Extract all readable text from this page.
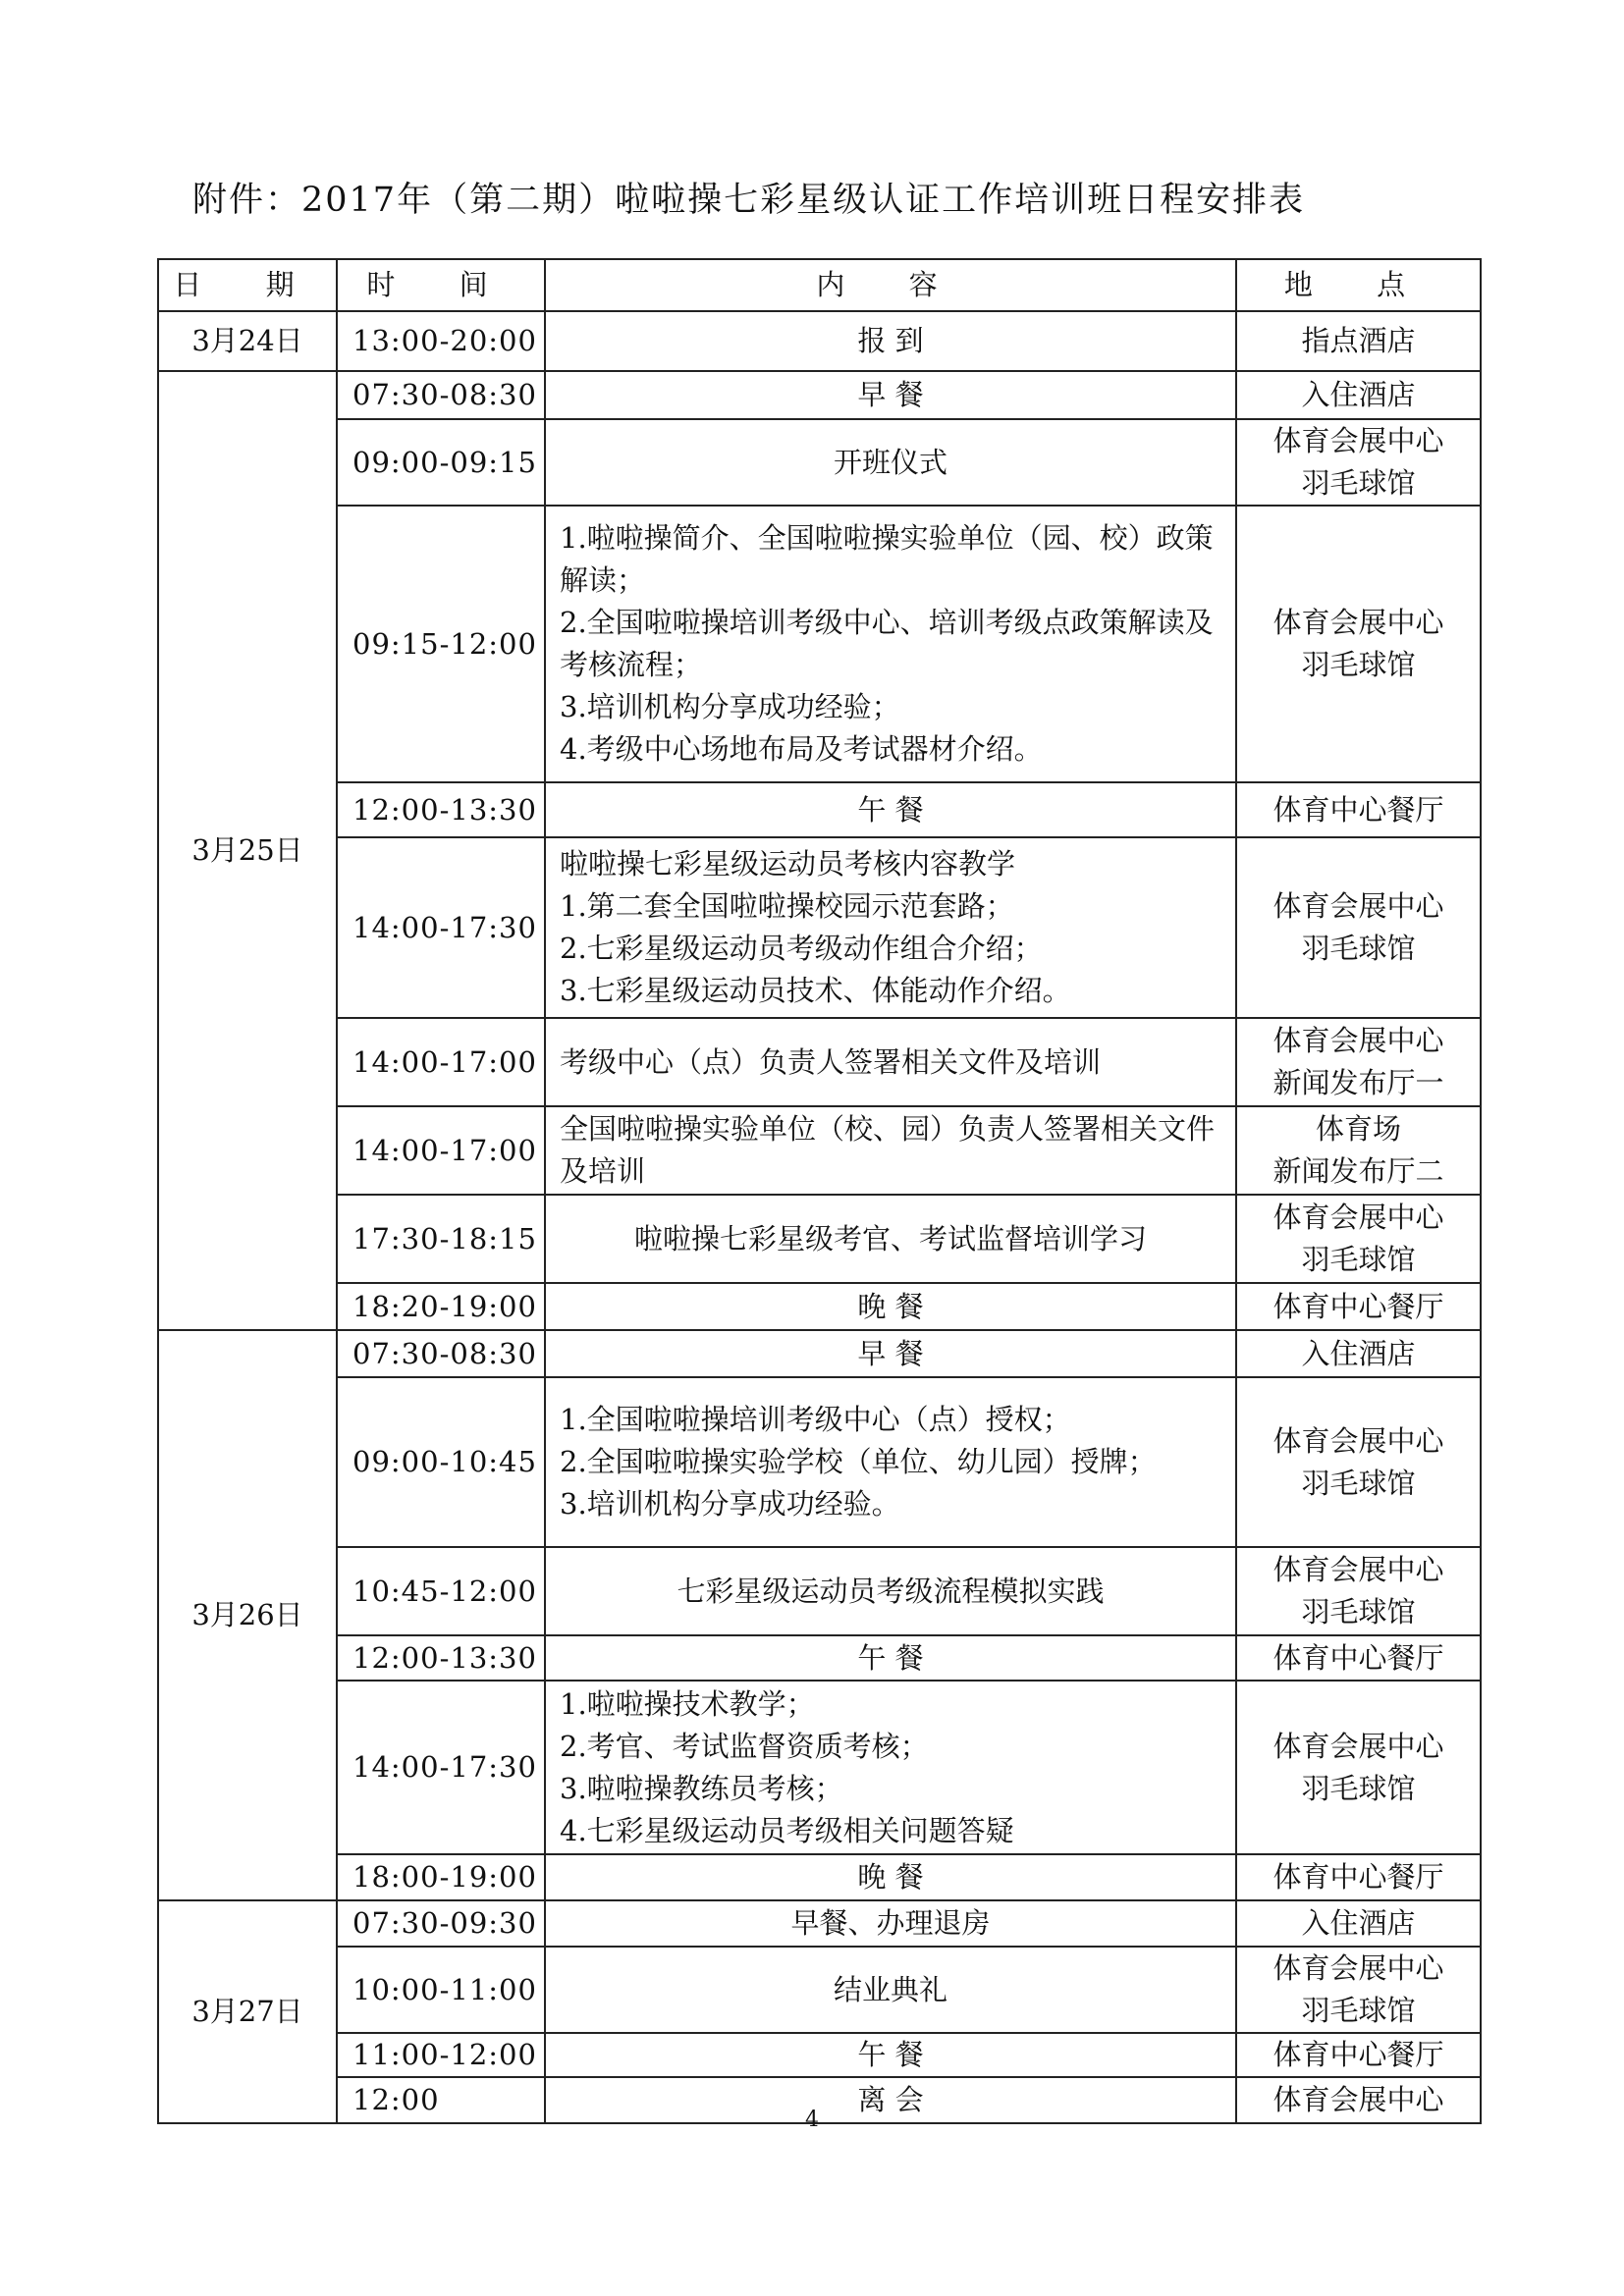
附件：2017年（第二期）啦啦操七彩星级认证工作培训班日程安排表
日 期	时 间	内 容	地 点
3月24日	13:00-20:00	报 到	指点酒店

3月25日	07:30-08:30	早 餐	入住酒店

	09:00-09:15	开班仪式	体育会展中心
羽毛球馆

	09:15-12:00	1.啦啦操简介、全国啦啦操实验单位（园、校）政策解读；
2.全国啦啦操培训考级中心、培训考级点政策解读及考核流程；
3.培训机构分享成功经验；
4.考级中心场地布局及考试器材介绍。	体育会展中心
羽毛球馆

	12:00-13:30	午 餐	体育中心餐厅

	14:00-17:30	啦啦操七彩星级运动员考核内容教学
1.第二套全国啦啦操校园示范套路；
2.七彩星级运动员考级动作组合介绍；
3.七彩星级运动员技术、体能动作介绍。	体育会展中心
羽毛球馆

	14:00-17:00	考级中心（点）负责人签署相关文件及培训	体育会展中心
新闻发布厅一

	14:00-17:00	全国啦啦操实验单位（校、园）负责人签署相关文件及培训	体育场
新闻发布厅二

	17:30-18:15	啦啦操七彩星级考官、考试监督培训学习	体育会展中心
羽毛球馆

	18:20-19:00	晚 餐	体育中心餐厅

3月26日	07:30-08:30	早 餐	入住酒店

	09:00-10:45	1.全国啦啦操培训考级中心（点）授权；
2.全国啦啦操实验学校（单位、幼儿园）授牌；
3.培训机构分享成功经验。	体育会展中心
羽毛球馆

	10:45-12:00	七彩星级运动员考级流程模拟实践	体育会展中心
羽毛球馆

	12:00-13:30	午 餐	体育中心餐厅

	14:00-17:30	1.啦啦操技术教学；
2.考官、考试监督资质考核；
3.啦啦操教练员考核；
4.七彩星级运动员考级相关问题答疑	体育会展中心
羽毛球馆

	18:00-19:00	晚 餐	体育中心餐厅

3月27日	07:30-09:30	早餐、办理退房	入住酒店

	10:00-11:00	结业典礼	体育会展中心
羽毛球馆

	11:00-12:00	午 餐	体育中心餐厅

	12:00	离 会	体育会展中心
4
